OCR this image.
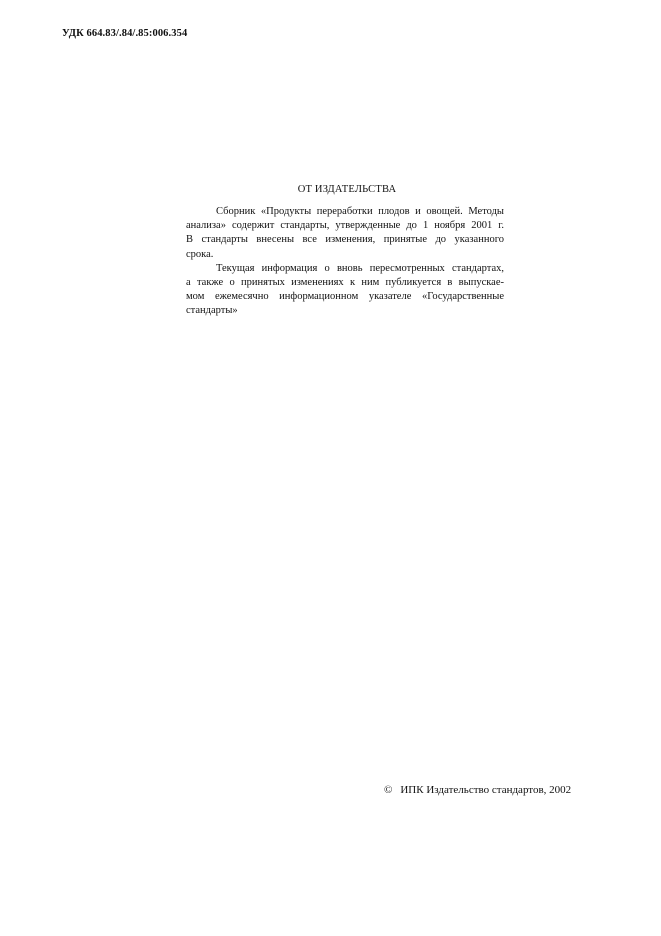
УДК 664.83/.84/.85:006.354
ОТ ИЗДАТЕЛЬСТВА

Сборник «Продукты переработки плодов и овощей. Методы
анализа» содержит стандарты, утвержденные до 1 ноября 2001 г.
В стандарты внесены все изменения, принятые до указанного
срока.

Текущая информация о вновь пересмотренных стандартах,
а также о принятых изменениях к ним публикуется в выпускае-
мом ежемесячно информационном указателе «Государственные
стандарты»

© ИПК Издательство стандартов, 2002
